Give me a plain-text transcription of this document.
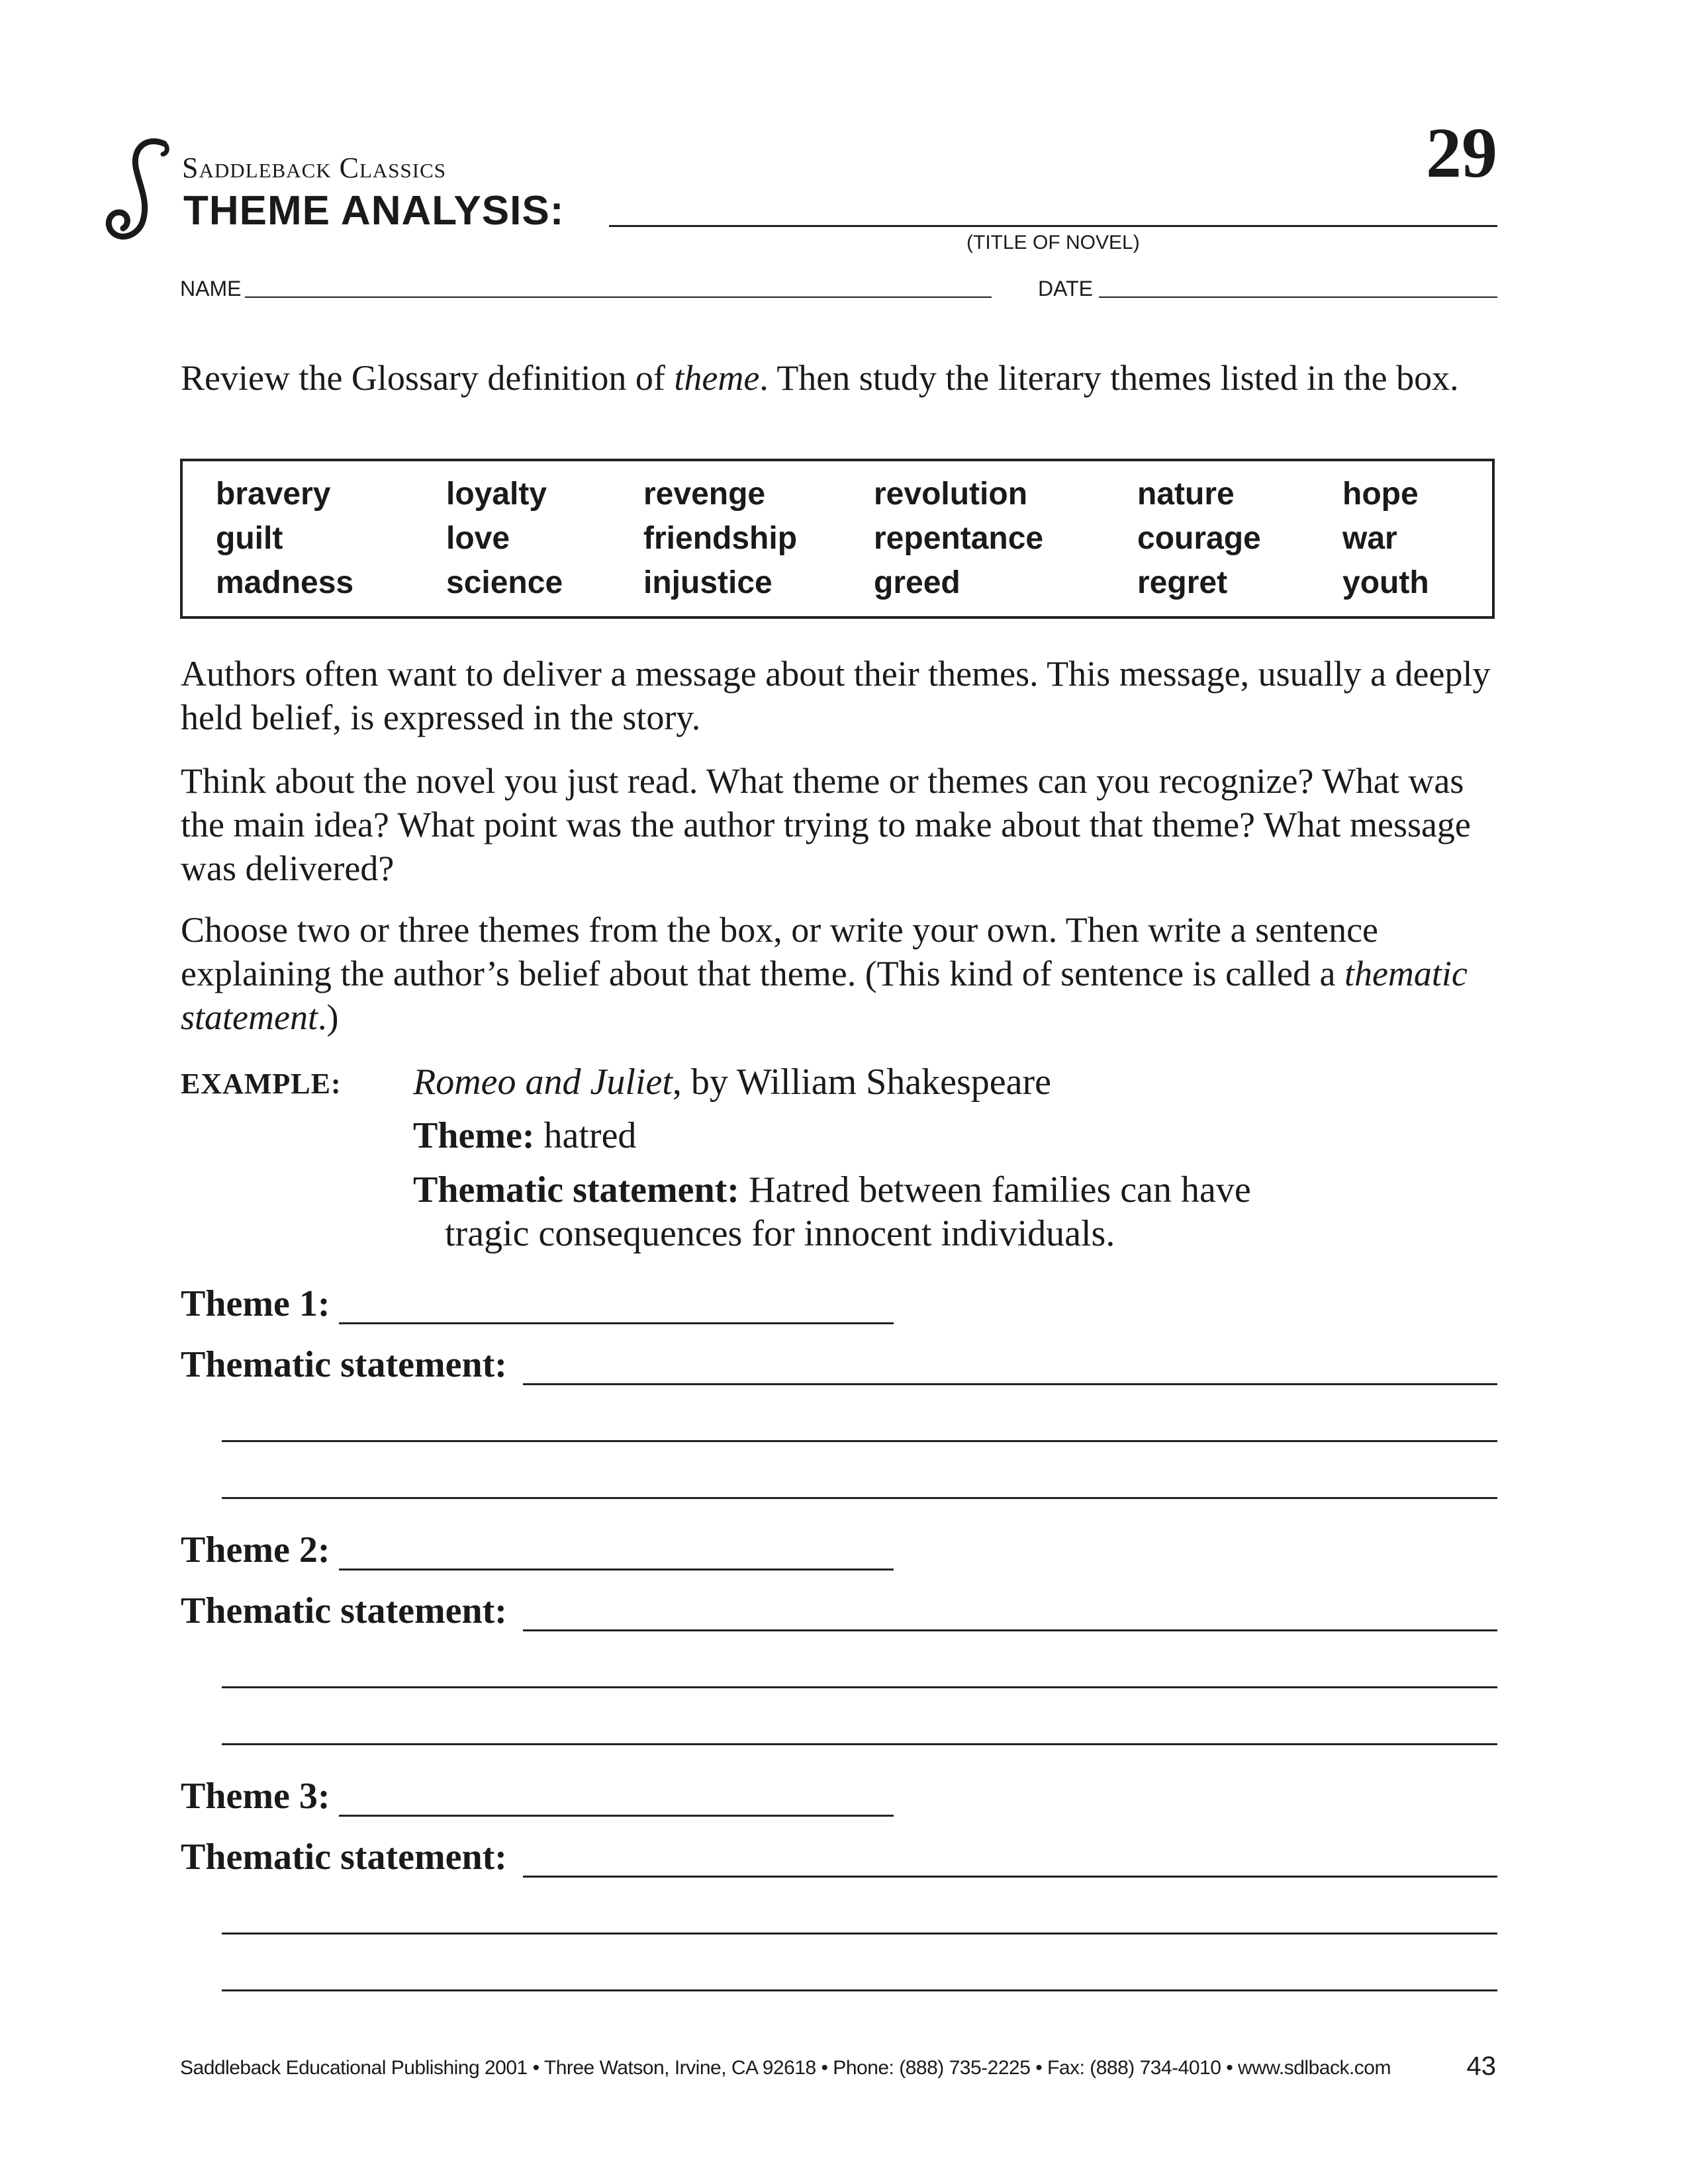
Saddleback Classics
THEME ANALYSIS:
29
(TITLE OF NOVEL)
NAME	DATE
Review the Glossary definition of theme. Then study the literary themes listed in the box.
bravery
guilt
madness
loyalty
love
science
revenge
friendship
injustice
revolution
repentance
greed
nature
courage
regret
hope
war
youth
Authors often want to deliver a message about their themes. This message, usually a deeply held belief, is expressed in the story.
Think about the novel you just read. What theme or themes can you recognize? What was the main idea? What point was the author trying to make about that theme? What message was delivered?
Choose two or three themes from the box, or write your own. Then write a sentence explaining the author’s belief about that theme. (This kind of sentence is called a thematic statement.)
EXAMPLE: Romeo and Juliet, by William Shakespeare
Theme: hatred
Thematic statement: Hatred between families can have
tragic consequences for innocent individuals.
Theme 1:
Thematic statement:
Theme 2:
Thematic statement:
Theme 3:
Thematic statement:
Saddleback Educational Publishing 2001 • Three Watson, Irvine, CA 92618 • Phone: (888) 735-2225 • Fax: (888) 734-4010 • www.sdlback.com	43
